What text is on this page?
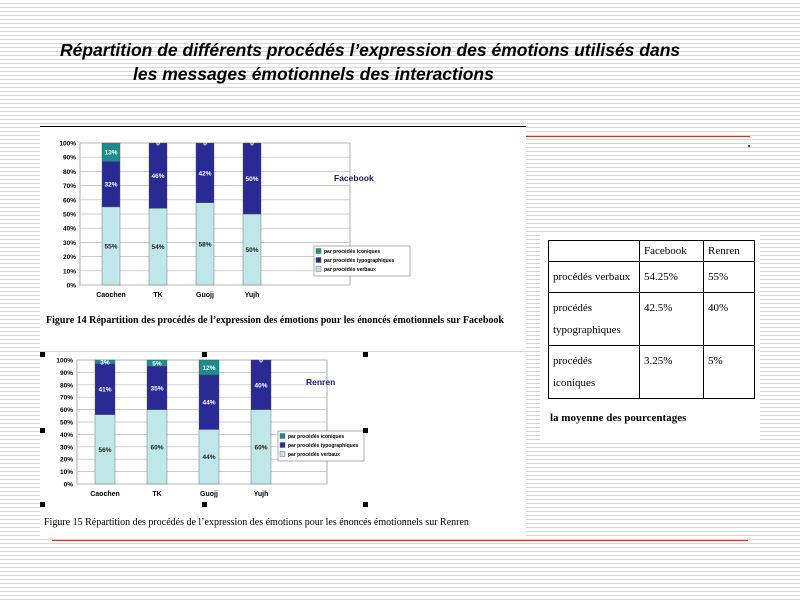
Répartition de différents procédés l’expression des émotions utilisés dans
les messages émotionnels des interactions
0%
10%
20%
30%
40%
50%
60%
70%
80%
90%
100%
55%
32%
13%
Caochen
54%
46%
0
TK
58%
42%
0
Guojj
50%
50%
0
Yujh
Facebook
par procédés iconiques
par procédés typographiques
par procédés verbaux
Figure 14 Répartition des procédés de l’expression des émotions pour les énoncés émotionnels sur Facebook
0%
10%
20%
30%
40%
50%
60%
70%
80%
90%
100%
56%
41%
3%
Caochen
60%
35%
5%
TK
44%
44%
12%
Guojj
60%
40%
0
Yujh
Renren
par procédés iconiques
par procédés typographiques
par procédés verbaux
Figure 15 Répartition des procédés de l’expression des émotions pour les énoncés émotionnels sur Renren
	Facebook	Renren
procédés verbaux	54.25%	55%
procédés typographiques	42.5%	40%
procédés iconiques	3.25%	5%
la moyenne des pourcentages
